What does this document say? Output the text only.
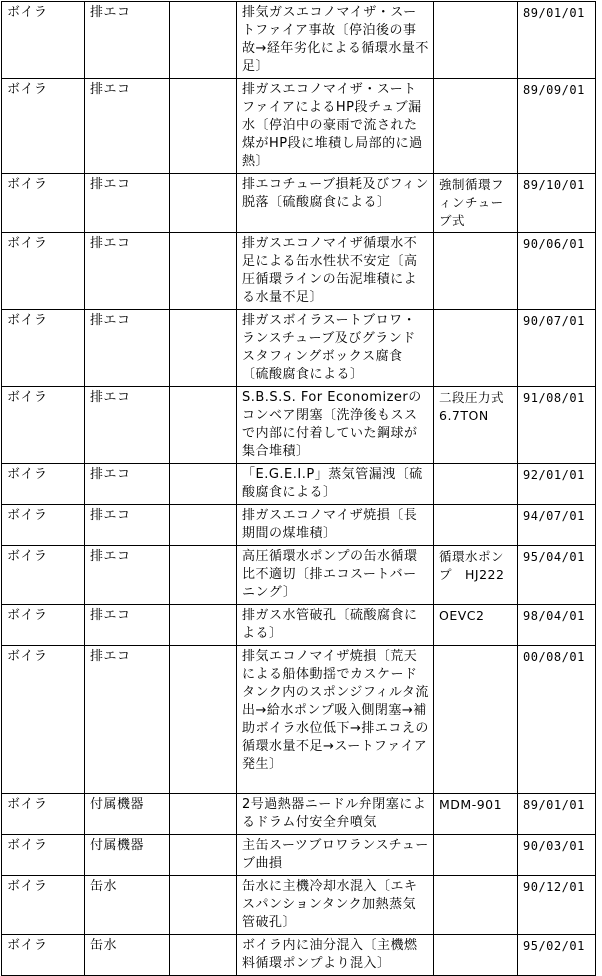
ボイラ	排エコ		排気ガスエコノマイザ・スートファイア事故〔停泊後の事故→経年劣化による循環水量不足〕		89/01/01
ボイラ	排エコ		排ガスエコノマイザ・スートファイアによるHP段チュブ漏水〔停泊中の豪雨で流された煤がHP段に堆積し局部的に過熱〕		89/09/01
ボイラ	排エコ		排エコチューブ損耗及びフィン脱落〔硫酸腐食による〕	強制循環フィンチューブ式	89/10/01
ボイラ	排エコ		排ガスエコノマイザ循環水不足による缶水性状不安定〔高圧循環ラインの缶泥堆積による水量不足〕		90/06/01
ボイラ	排エコ		排ガスボイラスートブロワ・ランスチューブ及びグランドスタフィングボックス腐食〔硫酸腐食による〕		90/07/01
ボイラ	排エコ		S.B.S.S. For Economizerのコンベア閉塞〔洗浄後もススで内部に付着していた鋼球が集合堆積〕	二段圧力式6.7TON	91/08/01
ボイラ	排エコ		「E.G.E.I.P」蒸気管漏洩〔硫酸腐食による〕		92/01/01
ボイラ	排エコ		排ガスエコノマイザ焼損〔長期間の煤堆積〕		94/07/01
ボイラ	排エコ		高圧循環水ポンプの缶水循環比不適切〔排エコスートバーニング〕	循環水ポンプ　HJ222	95/04/01
ボイラ	排エコ		排ガス水管破孔〔硫酸腐食による〕	OEVC2	98/04/01
ボイラ	排エコ		排気エコノマイザ焼損〔荒天による船体動揺でカスケードタンク内のスポンジフィルタ流出→給水ポンプ吸入側閉塞→補助ボイラ水位低下→排エコえの循環水量不足→スートファイア発生〕		00/08/01
ボイラ	付属機器		2号過熱器ニードル弁閉塞によるドラム付安全弁噴気	MDM-901	89/01/01
ボイラ	付属機器		主缶スーツブロワランスチューブ曲損		90/03/01
ボイラ	缶水		缶水に主機冷却水混入〔エキスパンションタンク加熱蒸気管破孔〕		90/12/01
ボイラ	缶水		ボイラ内に油分混入〔主機燃料循環ポンプより混入〕		95/02/01
